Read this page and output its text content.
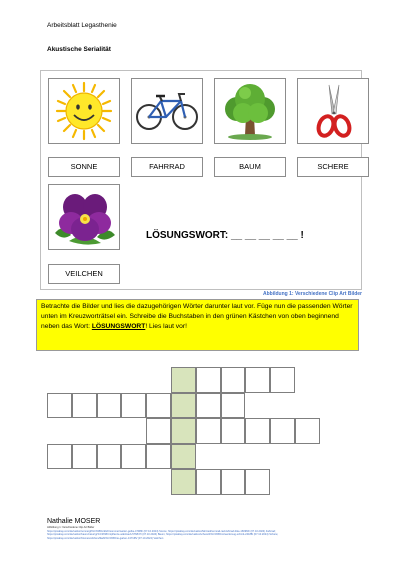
Arbeitsblatt Legasthenie
Akustische Serialität
SONNE	FAHRRAD	BAUM	SCHERE
VEILCHEN
LÖSUNGSWORT: __ __ __ __ __ !
Abbildung 1: Verschiedene Clip Art Bilder
Betrachte die Bilder und lies die dazugehörigen Wörter darunter laut vor. Füge nun die passenden Wörter unten im Kreuzworträtsel ein. Schreibe die Buchstaben in den grünen Kästchen von oben beginnend neben das Wort: LÖSUNGSWORT! Lies laut vor!
Nathalie MOSER
Abbildung 1: Verschiedene Clip Art Bilder
https://pixabay.com/de/vektor/sonne/gl%C3%BCcklich/sommer/wetter-gelbe-47083/ (07.10.2024) Sonne; https://pixabay.com/de/vektor/fahrrad/rennrad-rad-fahrrad-bike-160966/ (07.10.2024) Fahrrad;
https://pixabay.com/de/vektor/baum/natur/gr%C3%BCn/pflanze-wald-laub-576847/ (07.10.2024) Baum; https://pixabay.com/de/vektor/schere/b%C3%BCro/werkzeug-schnitt-24188/ (07.10.2024) Schere;
https://pixabay.com/de/vektor/blume/veilchen/lila/bl%C3%BCte-garten-137165/ (07.10.2024) Veilchen
